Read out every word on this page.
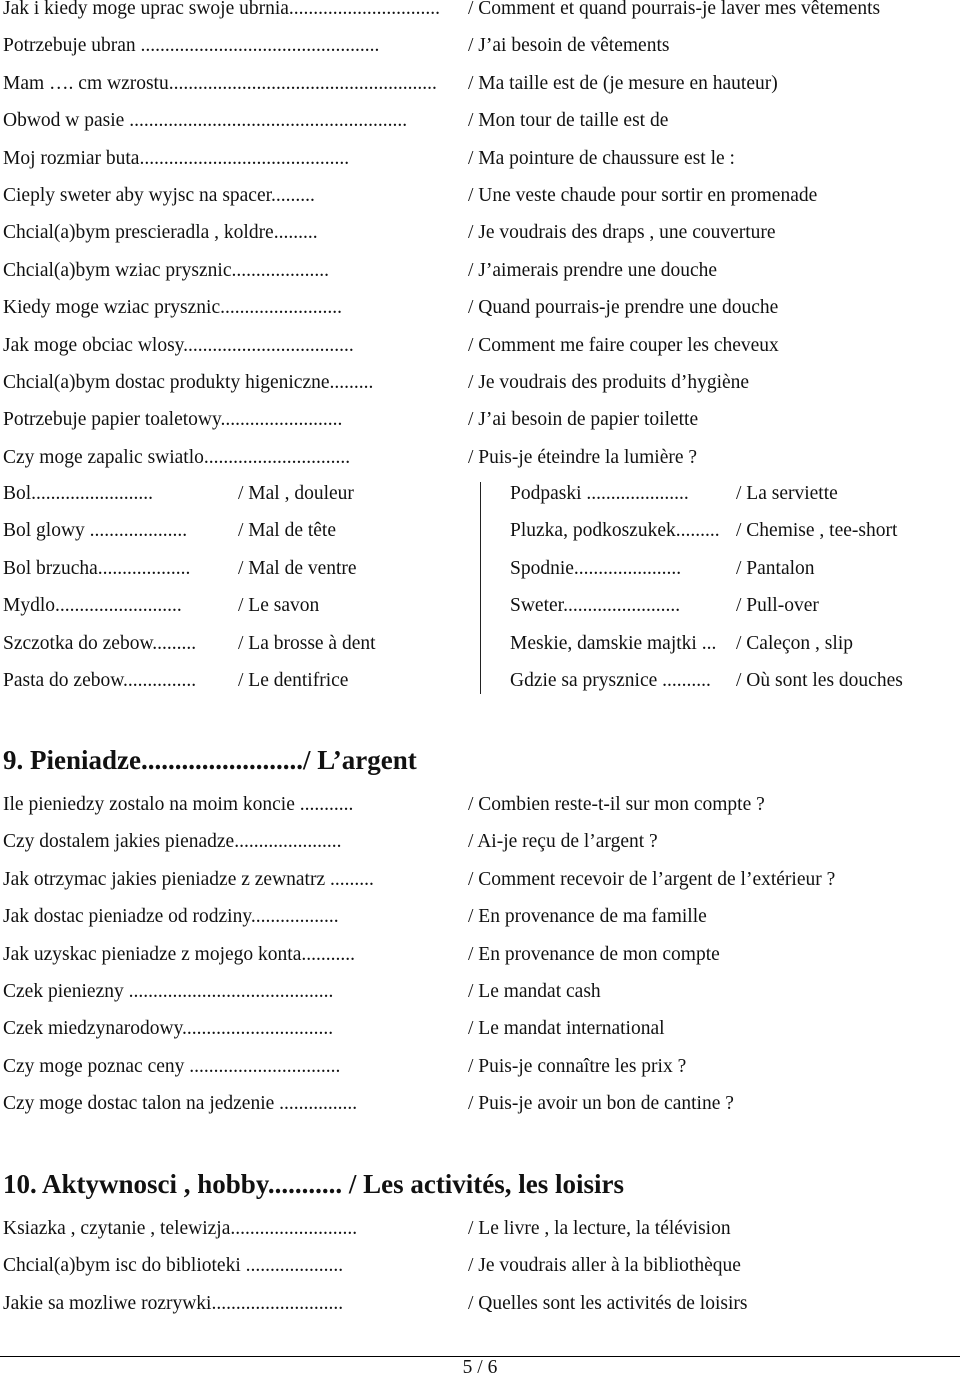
Jak i kiedy moge uprac swoje ubrnia...............................	/ Comment et quand pourrais-je laver mes vêtements
Potrzebuje ubran .................................................	/ J’ai besoin de vêtements
Mam …. cm wzrostu.......................................................	/ Ma taille est de (je mesure en hauteur)
Obwod w pasie .........................................................	/ Mon tour de taille est de
Moj rozmiar buta...........................................	/ Ma pointure de chaussure est le :
Cieply sweter aby wyjsc na spacer.........	/ Une veste chaude pour sortir en promenade
Chcial(a)bym prescieradla , koldre.........	/ Je voudrais des draps , une couverture
Chcial(a)bym wziac prysznic....................	/ J’aimerais prendre une douche
Kiedy moge wziac prysznic.........................	/ Quand pourrais-je prendre une douche
Jak moge obciac wlosy...................................	/ Comment me faire couper les cheveux
Chcial(a)bym dostac produkty higeniczne.........	/ Je voudrais des produits d’hygiène
Potrzebuje papier toaletowy.........................	/ J’ai besoin de papier toilette
Czy moge zapalic swiatlo..............................	/ Puis-je éteindre la lumière ?
Bol.........................	/ Mal , douleur
Bol glowy ....................	/ Mal de tête
Bol brzucha...................	/ Mal de ventre
Mydlo..........................	/ Le savon
Szczotka do zebow.........	/ La brosse à dent
Pasta do zebow...............	/ Le dentifrice
Podpaski .....................	/ La serviette
Pluzka, podkoszukek......... / Chemise , tee-short
Spodnie......................	/ Pantalon
Sweter........................	/ Pull-over
Meskie, damskie majtki ...	/ Caleçon , slip
Gdzie sa prysznice ..........	/ Où sont les douches
9. Pieniadze......................../ L’argent
Ile pieniedzy zostalo na moim koncie ...........	/ Combien reste-t-il sur mon compte ?
Czy dostalem jakies pienadze......................	/ Ai-je reçu de l’argent ?
Jak otrzymac jakies pieniadze z zewnatrz .........	/ Comment recevoir de l’argent de l’extérieur ?
Jak dostac pieniadze od rodziny..................	/ En provenance de ma famille
Jak uzyskac pieniadze z mojego konta...........	/ En provenance de mon compte
Czek pieniezny ..........................................	/ Le mandat cash
Czek miedzynarodowy...............................	/ Le mandat international
Czy moge poznac ceny ...............................	/ Puis-je connaître les prix ?
Czy moge dostac talon na jedzenie ................	/ Puis-je avoir un bon de cantine ?
10. Aktywnosci , hobby........... / Les activités, les loisirs
Ksiazka , czytanie , telewizja..........................	/ Le livre , la lecture, la télévision
Chcial(a)bym isc do biblioteki ....................	/ Je voudrais aller à la bibliothèque
Jakie sa mozliwe rozrywki...........................	/ Quelles sont les activités de loisirs
5 / 6
